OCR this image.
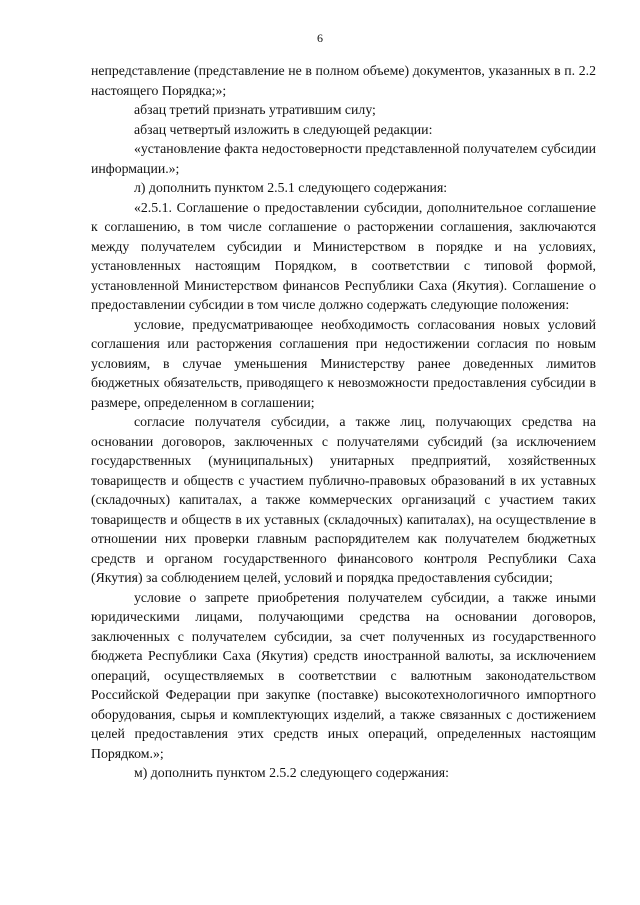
6

непредставление (представление не в полном объеме) документов, указанных в п. 2.2 настоящего Порядка;»;

абзац третий признать утратившим силу;

абзац четвертый изложить в следующей редакции:

«установление факта недостоверности представленной получателем субсидии информации.»;

л) дополнить пунктом 2.5.1 следующего содержания:

«2.5.1. Соглашение о предоставлении субсидии, дополнительное соглашение к соглашению, в том числе соглашение о расторжении соглашения, заключаются между получателем субсидии и Министерством в порядке и на условиях, установленных настоящим Порядком, в соответствии с типовой формой, установленной Министерством финансов Республики Саха (Якутия). Соглашение о предоставлении субсидии в том числе должно содержать следующие положения:

условие, предусматривающее необходимость согласования новых условий соглашения или расторжения соглашения при недостижении согласия по новым условиям, в случае уменьшения Министерству ранее доведенных лимитов бюджетных обязательств, приводящего к невозможности предоставления субсидии в размере, определенном в соглашении;

согласие получателя субсидии, а также лиц, получающих средства на основании договоров, заключенных с получателями субсидий (за исключением государственных (муниципальных) унитарных предприятий, хозяйственных товариществ и обществ с участием публично-правовых образований в их уставных (складочных) капиталах, а также коммерческих организаций с участием таких товариществ и обществ в их уставных (складочных) капиталах), на осуществление в отношении них проверки главным распорядителем как получателем бюджетных средств и органом государственного финансового контроля Республики Саха (Якутия) за соблюдением целей, условий и порядка предоставления субсидии;

условие о запрете приобретения получателем субсидии, а также иными юридическими лицами, получающими средства на основании договоров, заключенных с получателем субсидии, за счет полученных из государственного бюджета Республики Саха (Якутия) средств иностранной валюты, за исключением операций, осуществляемых в соответствии с валютным законодательством Российской Федерации при закупке (поставке) высокотехнологичного импортного оборудования, сырья и комплектующих изделий, а также связанных с достижением целей предоставления этих средств иных операций, определенных настоящим Порядком.»;

м) дополнить пунктом 2.5.2 следующего содержания:
